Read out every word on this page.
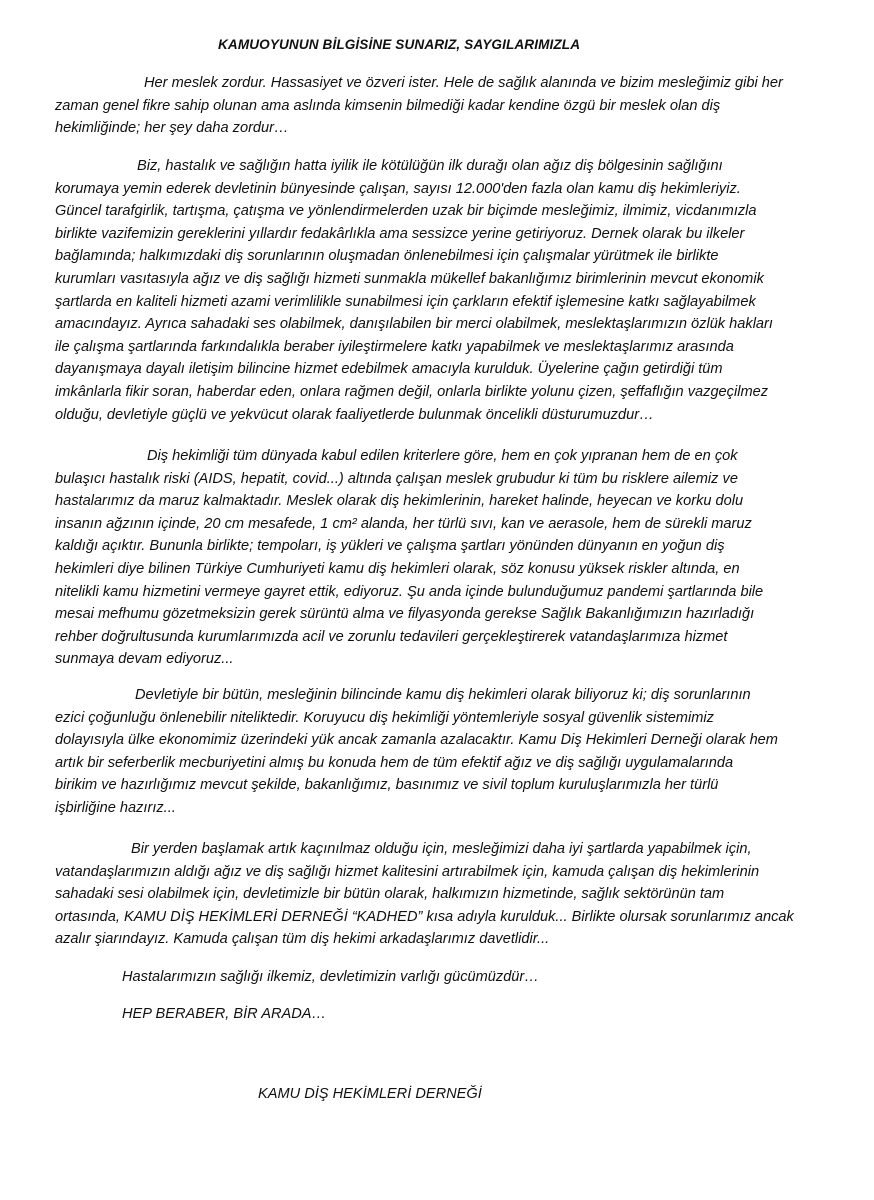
KAMUOYUNUN BİLGİSİNE SUNARIZ, SAYGILARIMIZLA
Her meslek zordur. Hassasiyet ve özveri ister. Hele de sağlık alanında ve bizim mesleğimiz gibi her
zaman genel fikre sahip olunan ama aslında kimsenin bilmediği kadar kendine özgü bir meslek olan diş
hekimliğinde; her şey daha zordur…
Biz, hastalık ve sağlığın hatta iyilik ile kötülüğün ilk durağı olan ağız diş bölgesinin sağlığını
korumaya yemin ederek devletinin bünyesinde çalışan, sayısı 12.000'den fazla olan kamu diş hekimleriyiz.
Güncel tarafgirlik, tartışma, çatışma ve yönlendirmelerden uzak bir biçimde mesleğimiz, ilmimiz, vicdanımızla
birlikte vazifemizin gereklerini yıllardır fedakârlıkla ama sessizce yerine getiriyoruz. Dernek olarak bu ilkeler
bağlamında; halkımızdaki diş sorunlarının oluşmadan önlenebilmesi için çalışmalar yürütmek ile birlikte
kurumları vasıtasıyla ağız ve diş sağlığı hizmeti sunmakla mükellef bakanlığımız birimlerinin mevcut ekonomik
şartlarda en kaliteli hizmeti azami verimlilikle sunabilmesi için çarkların efektif işlemesine katkı sağlayabilmek
amacındayız. Ayrıca sahadaki ses olabilmek, danışılabilen bir merci olabilmek, meslektaşlarımızın özlük hakları
ile çalışma şartlarında farkındalıkla beraber iyileştirmelere katkı yapabilmek ve meslektaşlarımız arasında
dayanışmaya dayalı iletişim bilincine hizmet edebilmek amacıyla kurulduk. Üyelerine çağın getirdiği tüm
imkânlarla fikir soran, haberdar eden, onlara rağmen değil, onlarla birlikte yolunu çizen, şeffaflığın vazgeçilmez
olduğu, devletiyle güçlü ve yekvücut olarak faaliyetlerde bulunmak öncelikli düsturumuzdur…
Diş hekimliği tüm dünyada kabul edilen kriterlere göre, hem en çok yıpranan hem de en çok
bulaşıcı hastalık riski (AIDS, hepatit, covid...) altında çalışan meslek grubudur ki tüm bu risklere ailemiz ve
hastalarımız da maruz kalmaktadır. Meslek olarak diş hekimlerinin, hareket halinde, heyecan ve korku dolu
insanın ağzının içinde, 20 cm mesafede, 1 cm² alanda, her türlü sıvı, kan ve aerasole, hem de sürekli maruz
kaldığı açıktır. Bununla birlikte; tempoları, iş yükleri ve çalışma şartları yönünden dünyanın en yoğun diş
hekimleri diye bilinen Türkiye Cumhuriyeti kamu diş hekimleri olarak, söz konusu yüksek riskler altında, en
nitelikli kamu hizmetini vermeye gayret ettik, ediyoruz. Şu anda içinde bulunduğumuz pandemi şartlarında bile
mesai mefhumu gözetmeksizin gerek sürüntü alma ve filyasyonda gerekse Sağlık Bakanlığımızın hazırladığı
rehber doğrultusunda kurumlarımızda acil ve zorunlu tedavileri gerçekleştirerek vatandaşlarımıza hizmet
sunmaya devam ediyoruz...
Devletiyle bir bütün, mesleğinin bilincinde kamu diş hekimleri olarak biliyoruz ki; diş sorunlarının
ezici çoğunluğu önlenebilir niteliktedir. Koruyucu diş hekimliği yöntemleriyle sosyal güvenlik sistemimiz
dolayısıyla ülke ekonomimiz üzerindeki yük ancak zamanla azalacaktır. Kamu Diş Hekimleri Derneği olarak hem
artık bir seferberlik mecburiyetini almış bu konuda hem de tüm efektif ağız ve diş sağlığı uygulamalarında
birikim ve hazırlığımız mevcut şekilde, bakanlığımız, basınımız ve sivil toplum kuruluşlarımızla her türlü
işbirliğine hazırız...
Bir yerden başlamak artık kaçınılmaz olduğu için, mesleğimizi daha iyi şartlarda yapabilmek için,
vatandaşlarımızın aldığı ağız ve diş sağlığı hizmet kalitesini artırabilmek için, kamuda çalışan diş hekimlerinin
sahadaki sesi olabilmek için, devletimizle bir bütün olarak, halkımızın hizmetinde, sağlık sektörünün tam
ortasında, KAMU DİŞ HEKİMLERİ DERNEĞİ “KADHED” kısa adıyla kurulduk... Birlikte olursak sorunlarımız ancak
azalır şiarındayız. Kamuda çalışan tüm diş hekimi arkadaşlarımız davetlidir...
Hastalarımızın sağlığı ilkemiz, devletimizin varlığı gücümüzdür…
HEP BERABER, BİR ARADA…
KAMU DİŞ HEKİMLERİ DERNEĞİ
